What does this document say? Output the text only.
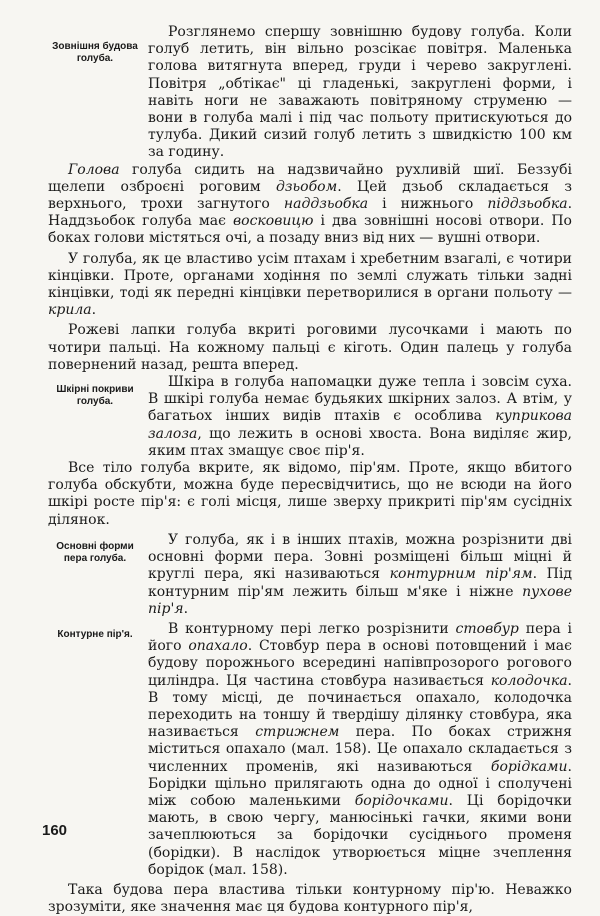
Зовнішня будова голуба.

Розглянемо спершу зовнішню будову голуба. Коли голуб летить, він вільно розсікає повітря. Маленька голова витягнута вперед, груди і черево закруглені. Повітря „обтікає" ці гладенькі, закруглені форми, і навіть ноги не заважають повітряному струменю — вони в голуба малі і під час польоту притискуються до тулуба. Дикий сизий голуб летить з швидкістю 100 км за годину.

Голова голуба сидить на надзвичайно рухливій шиї. Беззубі щелепи озброєні роговим дзьобом. Цей дзьоб складається з верхнього, трохи загнутого наддзьобка і нижнього піддзьобка. Наддзьобок голуба має восковицю і два зовнішні носові отвори. По боках голови містяться очі, а позаду вниз від них — вушні отвори.

У голуба, як це властиво усім птахам і хребетним взагалі, є чотири кінцівки. Проте, органами ходіння по землі служать тільки задні кінцівки, тоді як передні кінцівки перетворилися в органи польоту — крила.

Рожеві лапки голуба вкриті роговими лусочками і мають по чотири пальці. На кожному пальці є кіготь. Один палець у голуба повернений назад, решта вперед.

Шкірні покриви голуба.

Шкіра в голуба напомацки дуже тепла і зовсім суха. В шкірі голуба немає будьяких шкірних залоз. А втім, у багатьох інших видів птахів є особлива куприкова залоза, що лежить в основі хвоста. Вона виділяє жир, яким птах змащує своє пір'я.

Все тіло голуба вкрите, як відомо, пір'ям. Проте, якщо вбитого голуба обскубти, можна буде пересвідчитись, що не всюди на його шкірі росте пір'я: є голі місця, лише зверху прикриті пір'ям сусідніх ділянок.

Основні форми пера голуба.

У голуба, як і в інших птахів, можна розрізнити дві основні форми пера. Зовні розміщені більш міцні й круглі пера, які називаються контурним пір'ям. Під контурним пір'ям лежить більш м'яке і ніжне пухове пір'я.

Контурне пір'я.	В контурному пері легко розрізнити стовбур пера і його опахало. Стовбур пера в основі потовщений і має будову порожнього всередині напівпрозорого рогового циліндра. Ця частина стовбура називається колодочка. В тому місці, де починається опахало, колодочка переходить на тоншу й твердішу ділянку стовбура, яка називається стрижнем пера. По боках стрижня міститься опахало (мал. 158). Це опахало складається з численних променів, які називаються борідками. Борідки щільно прилягають одна до одної і сполучені між собою маленькими борідочками. Ці борідочки мають, в свою чергу, манюсінькі гачки, якими вони зачеплюються за борідочки сусіднього променя (борідки). В наслідок утворюється міцне зчеплення борідок (мал. 158).

Така будова пера властива тільки контурному пір'ю. Неважко зрозуміти, яке значення має ця будова контурного пір'я,

160
